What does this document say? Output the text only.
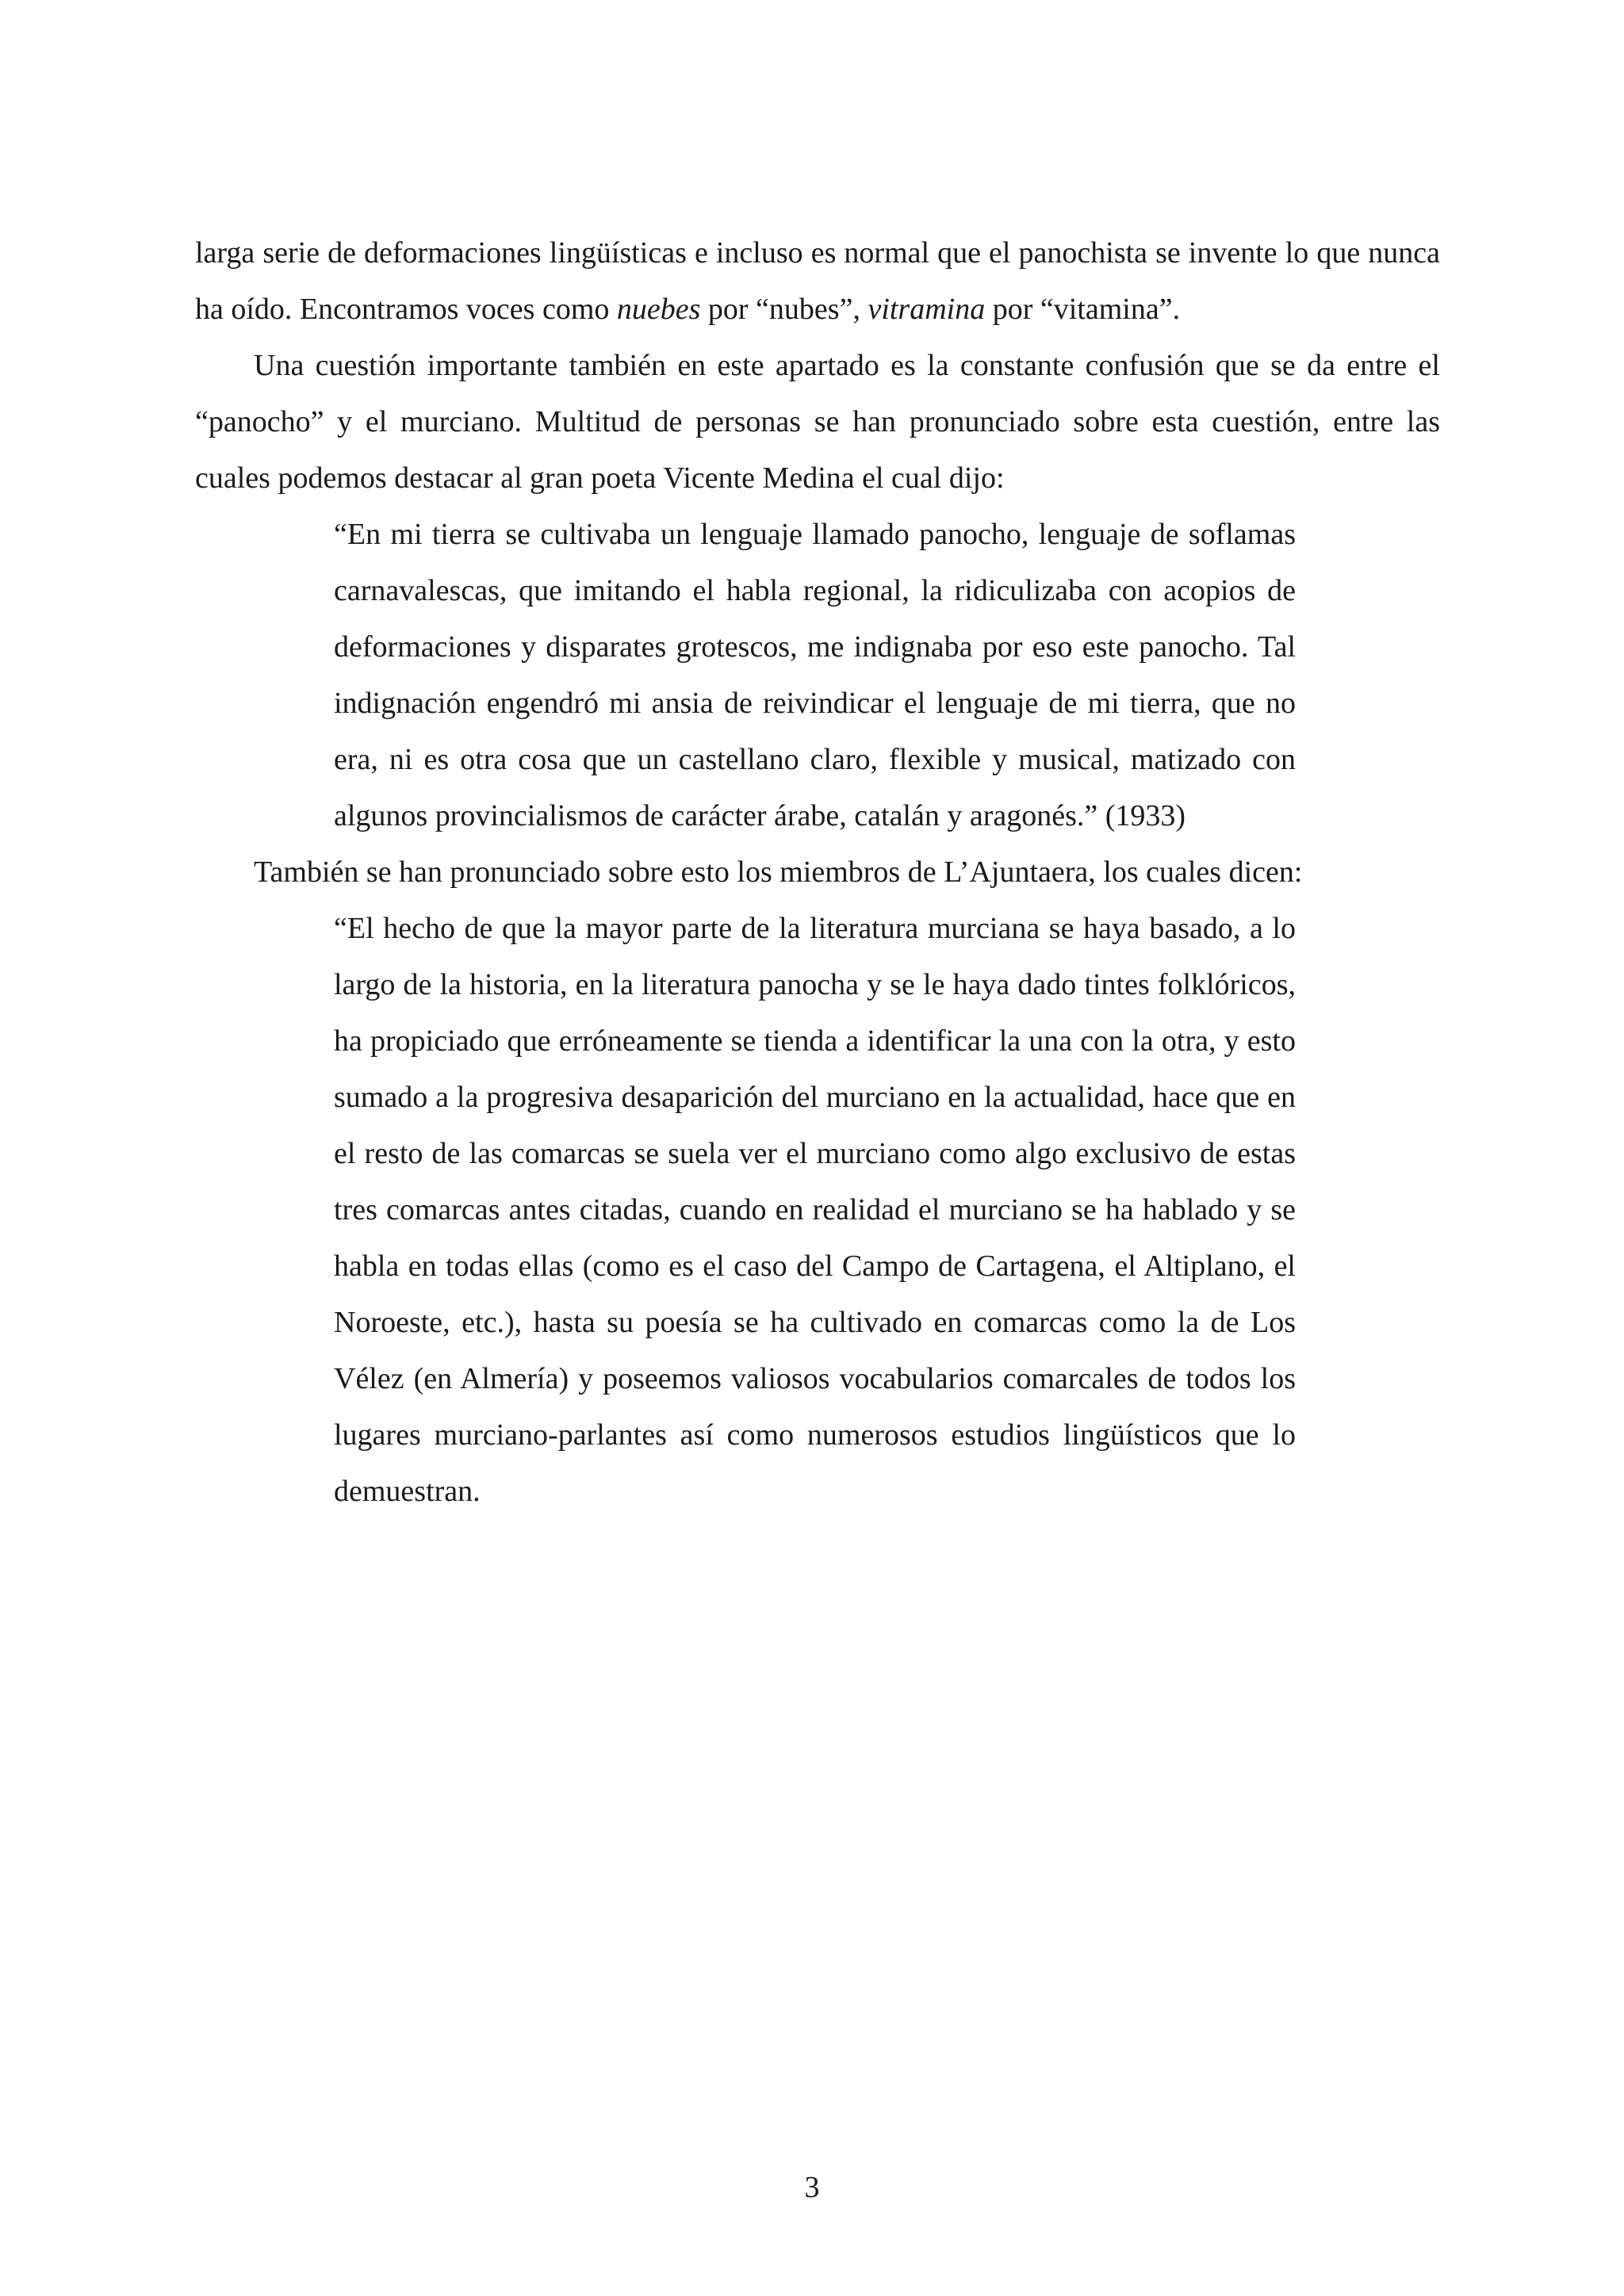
larga serie de deformaciones lingüísticas e incluso es normal que el panochista se invente lo que nunca ha oído. Encontramos voces como nuebes por “nubes”, vitramina por “vitamina”.

Una cuestión importante también en este apartado es la constante confusión que se da entre el “panocho” y el murciano. Multitud de personas se han pronunciado sobre esta cuestión, entre las cuales podemos destacar al gran poeta Vicente Medina el cual dijo:

“En mi tierra se cultivaba un lenguaje llamado panocho, lenguaje de soflamas carnavalescas, que imitando el habla regional, la ridiculizaba con acopios de deformaciones y disparates grotescos, me indignaba por eso este panocho. Tal indignación engendró mi ansia de reivindicar el lenguaje de mi tierra, que no era, ni es otra cosa que un castellano claro, flexible y musical, matizado con algunos provincialismos de carácter árabe, catalán y aragonés.” (1933)

También se han pronunciado sobre esto los miembros de L’Ajuntaera, los cuales dicen:

“El hecho de que la mayor parte de la literatura murciana se haya basado, a lo largo de la historia, en la literatura panocha y se le haya dado tintes folklóricos, ha propiciado que erróneamente se tienda a identificar la una con la otra, y esto sumado a la progresiva desaparición del murciano en la actualidad, hace que en el resto de las comarcas se suela ver el murciano como algo exclusivo de estas tres comarcas antes citadas, cuando en realidad el murciano se ha hablado y se habla en todas ellas (como es el caso del Campo de Cartagena, el Altiplano, el Noroeste, etc.), hasta su poesía se ha cultivado en comarcas como la de Los Vélez (en Almería) y poseemos valiosos vocabularios comarcales de todos los lugares murciano-parlantes así como numerosos estudios lingüísticos que lo demuestran.

3
